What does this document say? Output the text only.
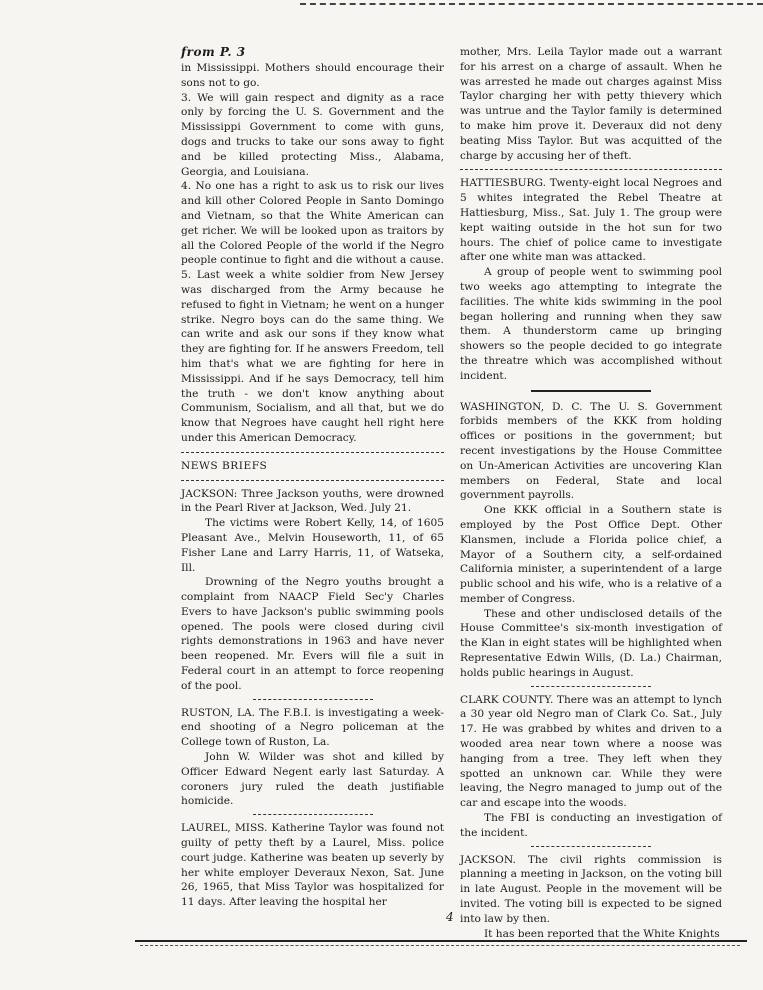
from P. 3

in Mississippi. Mothers should encourage their sons not to go.

3. We will gain respect and dignity as a race only by forcing the U. S. Government and the Mississippi Government to come with guns, dogs and trucks to take our sons away to fight and be killed protecting Miss., Alabama, Georgia, and Louisiana.

4. No one has a right to ask us to risk our lives and kill other Colored People in Santo Domingo and Vietnam, so that the White American can get richer. We will be looked upon as traitors by all the Colored People of the world if the Negro people continue to fight and die without a cause.

5. Last week a white soldier from New Jersey was discharged from the Army because he refused to fight in Vietnam; he went on a hunger strike. Negro boys can do the same thing. We can write and ask our sons if they know what they are fighting for. If he answers Freedom, tell him that's what we are fighting for here in Mississippi. And if he says Democracy, tell him the truth - we don't know anything about Communism, Socialism, and all that, but we do know that Negroes have caught hell right here under this American Democracy.

NEWS BRIEFS

JACKSON: Three Jackson youths, were drowned in the Pearl River at Jackson, Wed. July 21.

The victims were Robert Kelly, 14, of 1605 Pleasant Ave., Melvin Houseworth, 11, of 65 Fisher Lane and Larry Harris, 11, of Watseka, Ill.

Drowning of the Negro youths brought a complaint from NAACP Field Sec'y Charles Evers to have Jackson's public swimming pools opened. The pools were closed during civil rights demonstrations in 1963 and have never been reopened. Mr. Evers will file a suit in Federal court in an attempt to force reopening of the pool.

RUSTON, LA. The F.B.I. is investigating a week-end shooting of a Negro policeman at the College town of Ruston, La.

John W. Wilder was shot and killed by Officer Edward Negent early last Saturday. A coroners jury ruled the death justifiable homicide.

LAUREL, MISS. Katherine Taylor was found not guilty of petty theft by a Laurel, Miss. police court judge. Katherine was beaten up severly by her white employer Deveraux Nexon, Sat. June 26, 1965, that Miss Taylor was hospitalized for 11 days. After leaving the hospital her

mother, Mrs. Leila Taylor made out a warrant for his arrest on a charge of assault. When he was arrested he made out charges against Miss Taylor charging her with petty thievery which was untrue and the Taylor family is determined to make him prove it. Deveraux did not deny beating Miss Taylor. But was acquitted of the charge by accusing her of theft.

HATTIESBURG. Twenty-eight local Negroes and 5 whites integrated the Rebel Theatre at Hattiesburg, Miss., Sat. July 1. The group were kept waiting outside in the hot sun for two hours. The chief of police came to investigate after one white man was attacked.

A group of people went to swimming pool two weeks ago attempting to integrate the facilities. The white kids swimming in the pool began hollering and running when they saw them. A thunderstorm came up bringing showers so the people decided to go integrate the threatre which was accomplished without incident.

WASHINGTON, D. C. The U. S. Government forbids members of the KKK from holding offices or positions in the government; but recent investigations by the House Committee on Un-American Activities are uncovering Klan members on Federal, State and local government payrolls.

One KKK official in a Southern state is employed by the Post Office Dept. Other Klansmen, include a Florida police chief, a Mayor of a Southern city, a self-ordained California minister, a superintendent of a large public school and his wife, who is a relative of a member of Congress.

These and other undisclosed details of the House Committee's six-month investigation of the Klan in eight states will be highlighted when Representative Edwin Wills, (D. La.) Chairman, holds public hearings in August.

CLARK COUNTY. There was an attempt to lynch a 30 year old Negro man of Clark Co. Sat., July 17. He was grabbed by whites and driven to a wooded area near town where a noose was hanging from a tree. They left when they spotted an unknown car. While they were leaving, the Negro managed to jump out of the car and escape into the woods.

The FBI is conducting an investigation of the incident.

JACKSON. The civil rights commission is planning a meeting in Jackson, on the voting bill in late August. People in the movement will be invited. The voting bill is expected to be signed into law by then.

It has been reported that the White Knights

4
